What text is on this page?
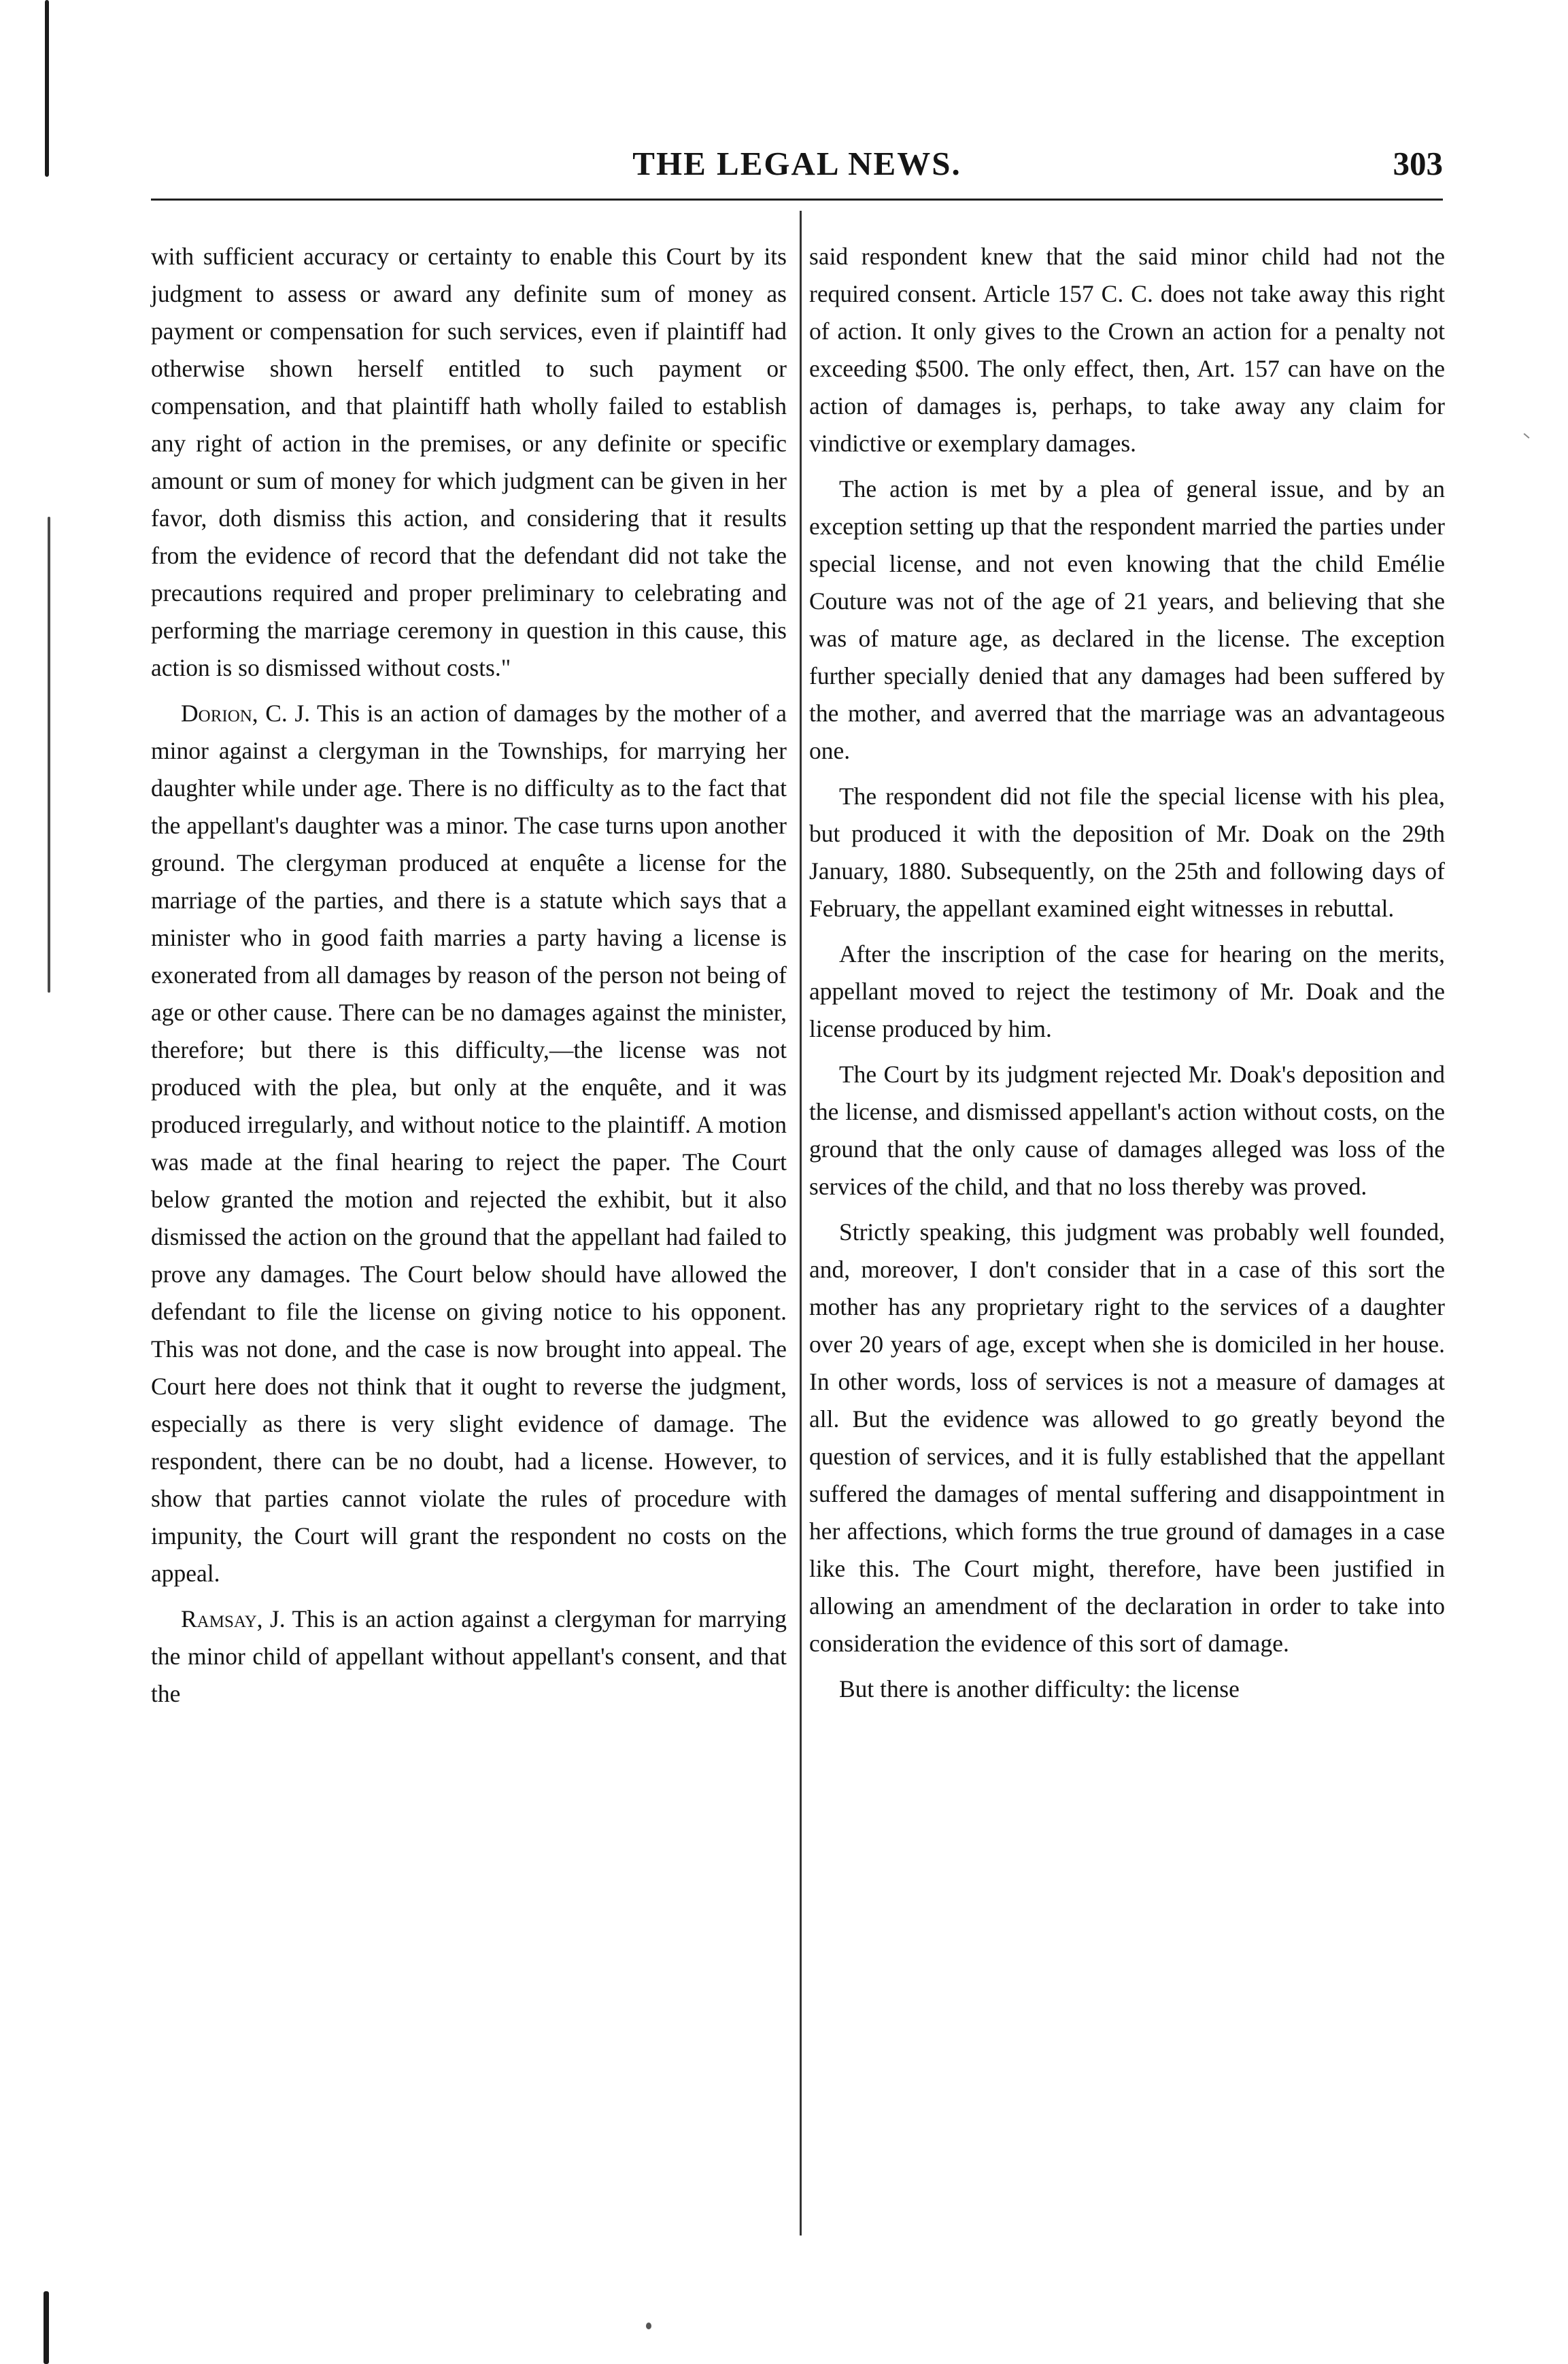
THE LEGAL NEWS.	303

with sufficient accuracy or certainty to enable this Court by its judgment to assess or award any definite sum of money as payment or compensation for such services, even if plaintiff had otherwise shown herself entitled to such payment or compensation, and that plaintiff hath wholly failed to establish any right of action in the premises, or any definite or specific amount or sum of money for which judgment can be given in her favor, doth dismiss this action, and considering that it results from the evidence of record that the defendant did not take the precautions required and proper preliminary to celebrating and performing the marriage ceremony in question in this cause, this action is so dismissed without costs."

Dorion, C. J. This is an action of damages by the mother of a minor against a clergyman in the Townships, for marrying her daughter while under age. There is no difficulty as to the fact that the appellant's daughter was a minor. The case turns upon another ground. The clergyman produced at enquête a license for the marriage of the parties, and there is a statute which says that a minister who in good faith marries a party having a license is exonerated from all damages by reason of the person not being of age or other cause. There can be no damages against the minister, therefore; but there is this difficulty,—the license was not produced with the plea, but only at the enquête, and it was produced irregularly, and without notice to the plaintiff. A motion was made at the final hearing to reject the paper. The Court below granted the motion and rejected the exhibit, but it also dismissed the action on the ground that the appellant had failed to prove any damages. The Court below should have allowed the defendant to file the license on giving notice to his opponent. This was not done, and the case is now brought into appeal. The Court here does not think that it ought to reverse the judgment, especially as there is very slight evidence of damage. The respondent, there can be no doubt, had a license. However, to show that parties cannot violate the rules of procedure with impunity, the Court will grant the respondent no costs on the appeal.

Ramsay, J. This is an action against a clergyman for marrying the minor child of appellant without appellant's consent, and that the

said respondent knew that the said minor child had not the required consent. Article 157 C. C. does not take away this right of action. It only gives to the Crown an action for a penalty not exceeding $500. The only effect, then, Art. 157 can have on the action of damages is, perhaps, to take away any claim for vindictive or exemplary damages.

The action is met by a plea of general issue, and by an exception setting up that the respondent married the parties under special license, and not even knowing that the child Emélie Couture was not of the age of 21 years, and believing that she was of mature age, as declared in the license. The exception further specially denied that any damages had been suffered by the mother, and averred that the marriage was an advantageous one.

The respondent did not file the special license with his plea, but produced it with the deposition of Mr. Doak on the 29th January, 1880. Subsequently, on the 25th and following days of February, the appellant examined eight witnesses in rebuttal.

After the inscription of the case for hearing on the merits, appellant moved to reject the testimony of Mr. Doak and the license produced by him.

The Court by its judgment rejected Mr. Doak's deposition and the license, and dismissed appellant's action without costs, on the ground that the only cause of damages alleged was loss of the services of the child, and that no loss thereby was proved.

Strictly speaking, this judgment was probably well founded, and, moreover, I don't consider that in a case of this sort the mother has any proprietary right to the services of a daughter over 20 years of age, except when she is domiciled in her house. In other words, loss of services is not a measure of damages at all. But the evidence was allowed to go greatly beyond the question of services, and it is fully established that the appellant suffered the damages of mental suffering and disappointment in her affections, which forms the true ground of damages in a case like this. The Court might, therefore, have been justified in allowing an amendment of the declaration in order to take into consideration the evidence of this sort of damage.

But there is another difficulty: the license
